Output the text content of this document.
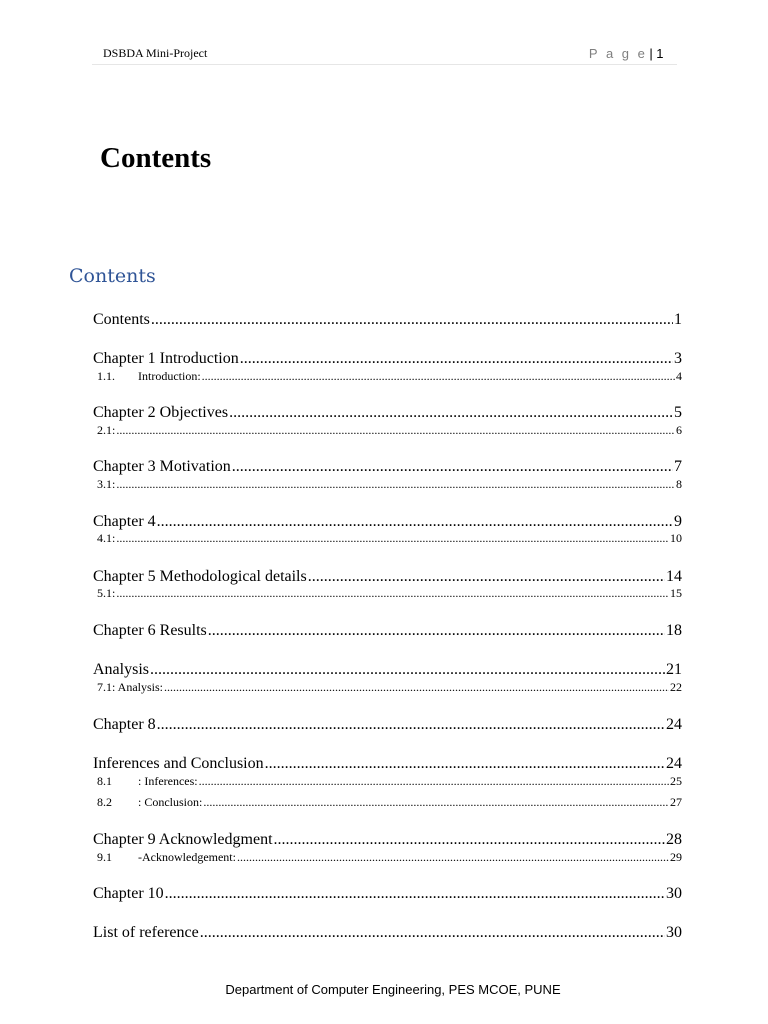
DSBDA Mini-Project	P a g e | 1
Contents
Contents
Contents .....	1
Chapter 1 Introduction .....	3
1.1.	Introduction: .....	4
Chapter 2 Objectives .....	5
2.1: .....	6
Chapter 3 Motivation .....	7
3.1: .....	8
Chapter 4 .....	9
4.1: .....	10
Chapter 5 Methodological details .....	14
5.1: .....	15
Chapter 6 Results .....	18
Analysis .....	21
7.1: Analysis: .....	22
Chapter 8 .....	24
Inferences and Conclusion .....	24
8.1	: Inferences: .....	25
8.2	: Conclusion: .....	27
Chapter 9 Acknowledgment .....	28
9.1	-Acknowledgement: .....	29
Chapter 10 .....	30
List of reference .....	30
Department of Computer Engineering, PES MCOE, PUNE
